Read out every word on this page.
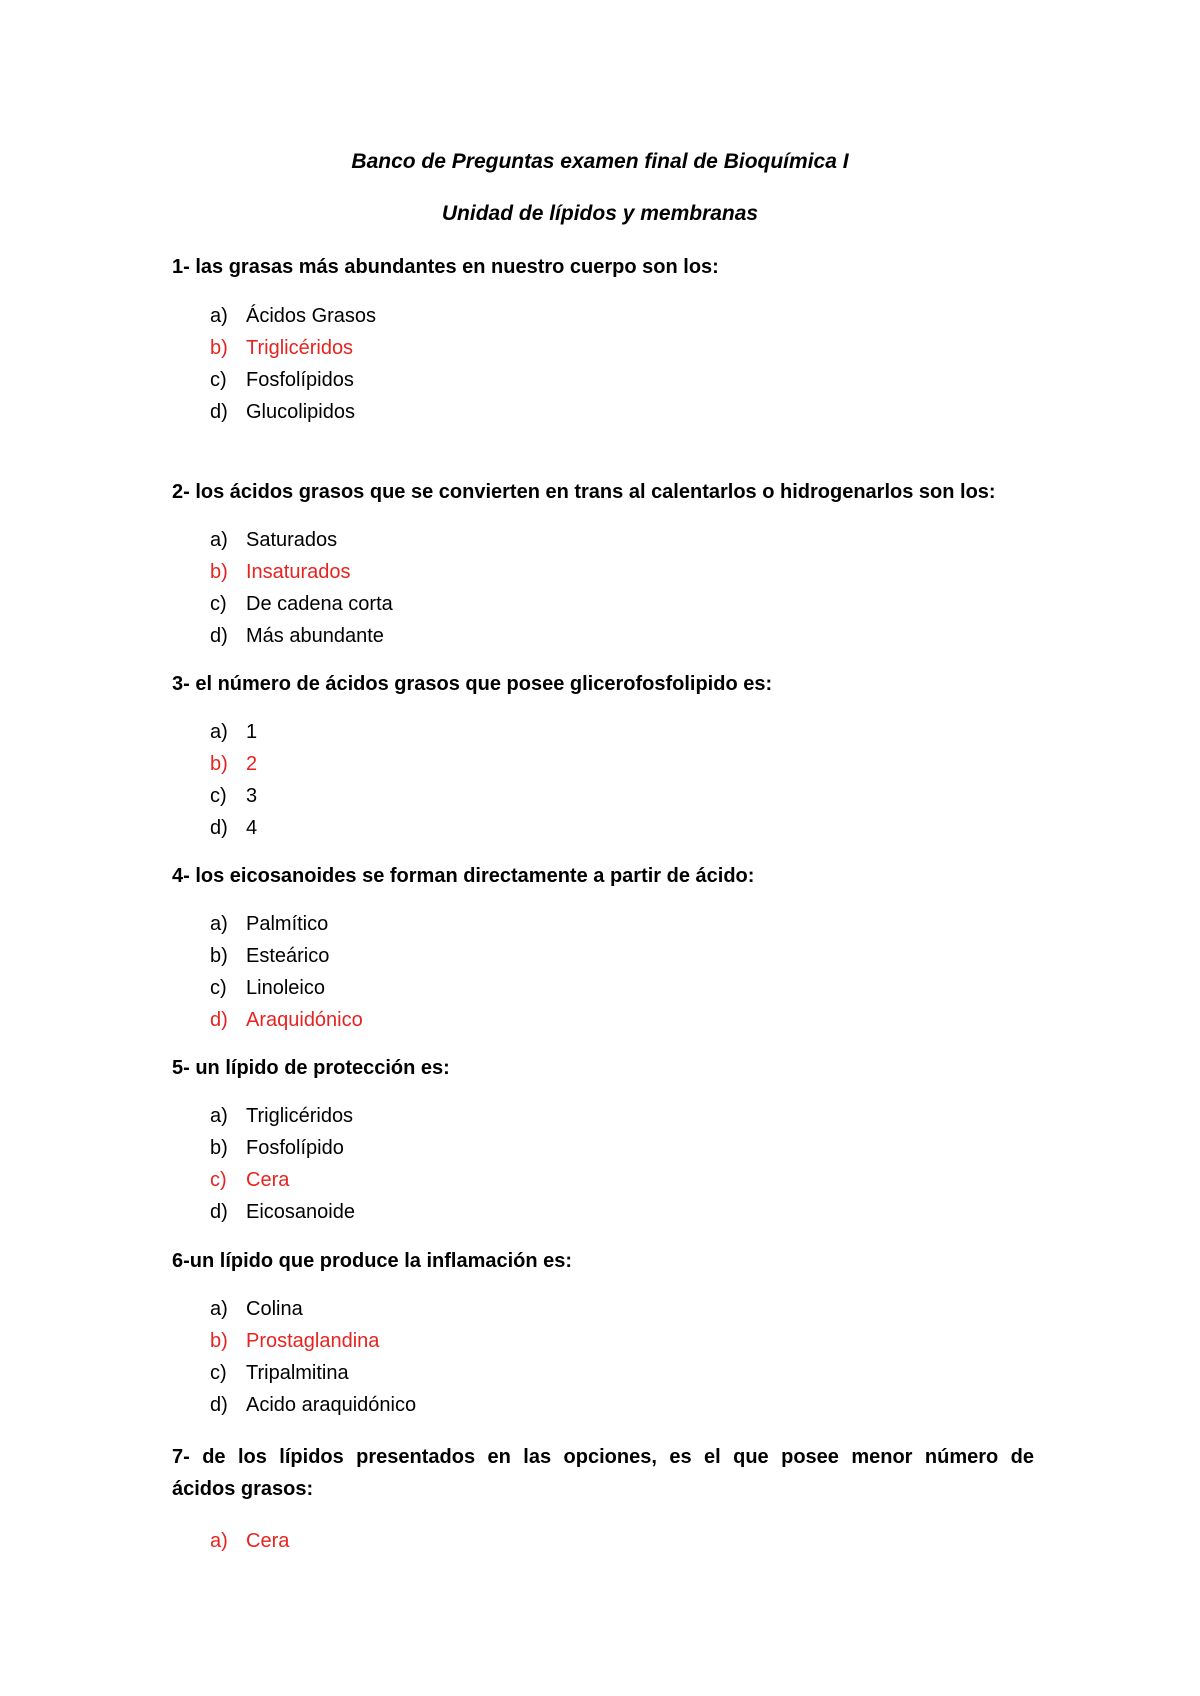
Banco de Preguntas examen final de Bioquímica I
Unidad de lípidos y membranas
1- las grasas más abundantes en nuestro cuerpo son los:
a) Ácidos Grasos
b) Triglicéridos
c) Fosfolípidos
d) Glucolipidos
2- los ácidos grasos que se convierten en trans al calentarlos o hidrogenarlos son los:
a) Saturados
b) Insaturados
c) De cadena corta
d) Más abundante
3- el número de ácidos grasos que posee glicerofosfolipido es:
a) 1
b) 2
c) 3
d) 4
4- los eicosanoides se forman directamente a partir de ácido:
a) Palmítico
b) Esteárico
c) Linoleico
d) Araquidónico
5- un lípido de protección es:
a) Triglicéridos
b) Fosfolípido
c) Cera
d) Eicosanoide
6-un lípido que produce la inflamación es:
a) Colina
b) Prostaglandina
c) Tripalmitina
d) Acido araquidónico
7- de los lípidos presentados en las opciones, es el que posee menor número de
ácidos grasos:
a) Cera
